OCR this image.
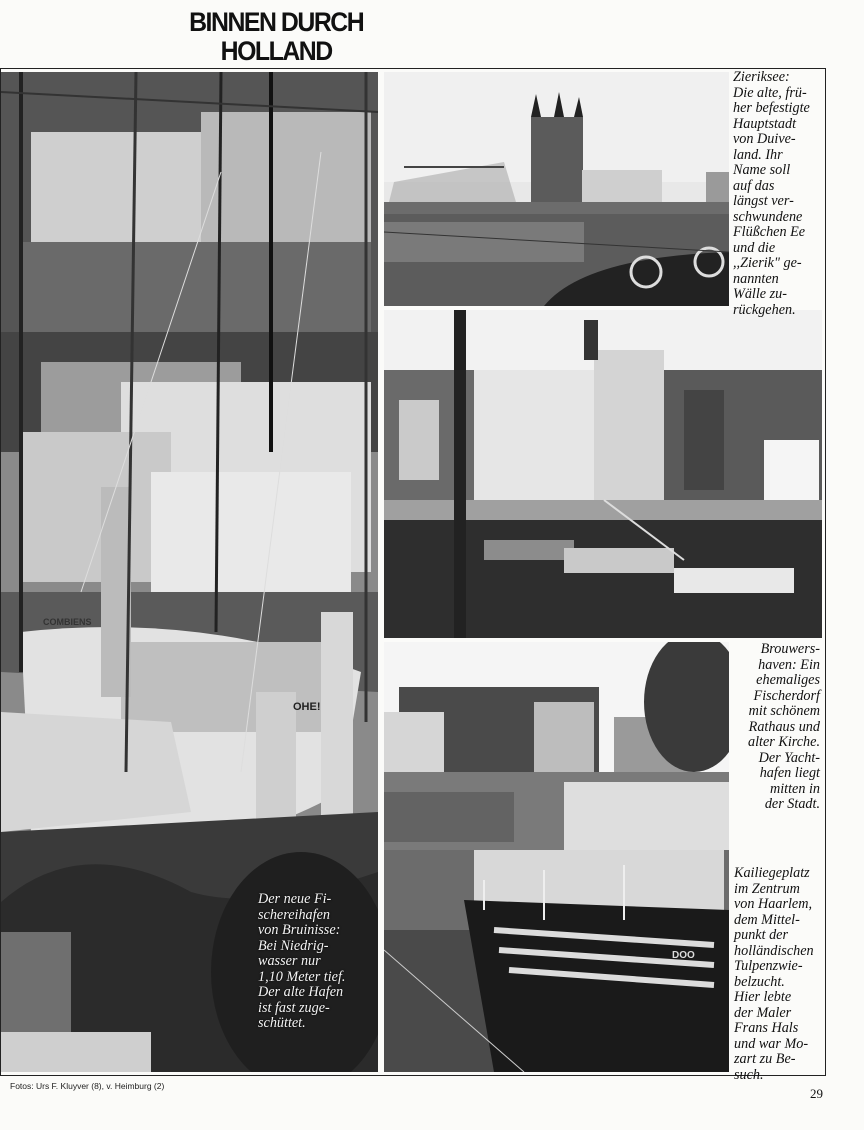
BINNEN DURCH
HOLLAND
COMBIENS
OHE!
DOO
Zieriksee:
Die alte, frü-
her befestigte
Hauptstadt
von Duive-
land. Ihr
Name soll
auf das
längst ver-
schwundene
Flüßchen Ee
und die
,,Zierik" ge-
nannten
Wälle zu-
rückgehen.
Brouwers-
haven: Ein
ehemaliges
Fischerdorf
mit schönem
Rathaus und
alter Kirche.
Der Yacht-
hafen liegt
mitten in
der Stadt.
Der neue Fi-
schereihafen
von Bruinisse:
Bei Niedrig-
wasser nur
1,10 Meter tief.
Der alte Hafen
ist fast zuge-
schüttet.
Kailiegeplatz
im Zentrum
von Haarlem,
dem Mittel-
punkt der
holländischen
Tulpenzwie-
belzucht.
Hier lebte
der Maler
Frans Hals
und war Mo-
zart zu Be-
such.
Fotos: Urs F. Kluyver (8), v. Heimburg (2)	29
